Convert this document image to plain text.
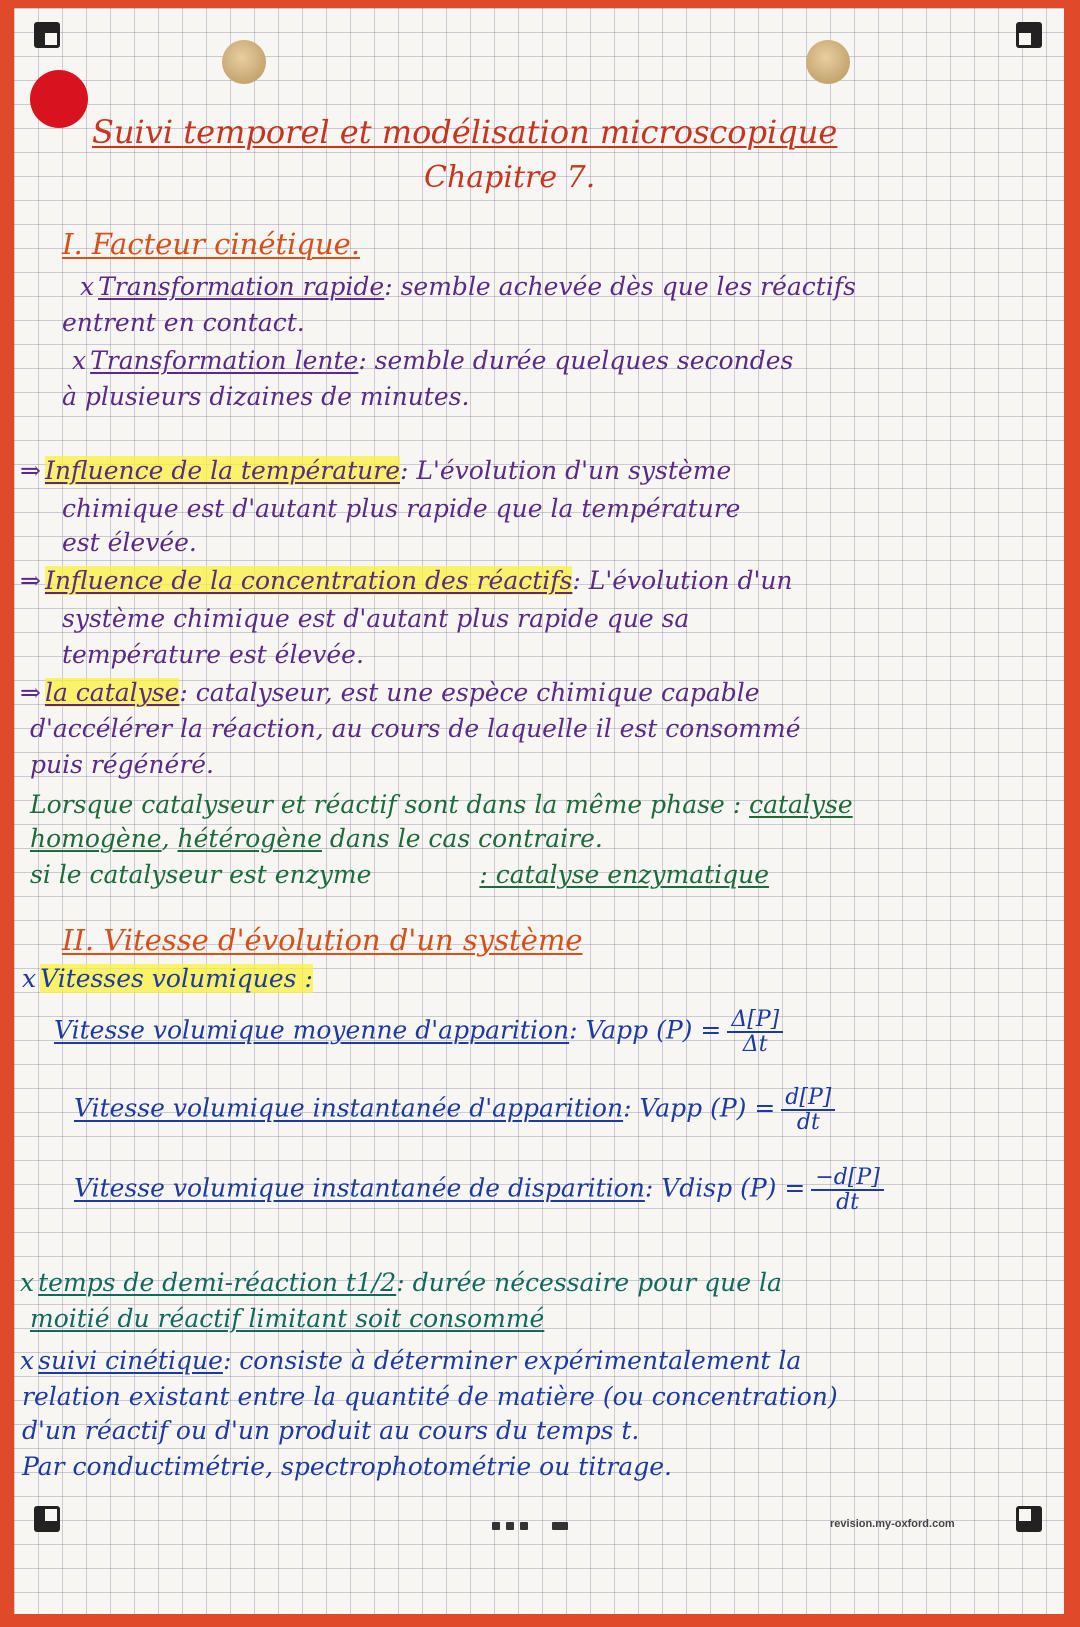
Suivi temporel et modélisation microscopique
Chapitre 7.
I. Facteur cinétique.
x Transformation rapide: semble achevée dès que les réactifs
entrent en contact.
x Transformation lente: semble durée quelques secondes
à plusieurs dizaines de minutes.
⇒ Influence de la température: L'évolution d'un système
chimique est d'autant plus rapide que la température
est élevée.
⇒ Influence de la concentration des réactifs: L'évolution d'un
système chimique est d'autant plus rapide que sa
température est élevée.
⇒ la catalyse: catalyseur, est une espèce chimique capable
d'accélérer la réaction, au cours de laquelle il est consommé
puis régénéré.
Lorsque catalyseur et réactif sont dans la même phase : catalyse
homogène, hétérogène dans le cas contraire.
si le catalyseur est enzyme	: catalyse enzymatique
II. Vitesse d'évolution d'un système
x Vitesses volumiques :
Vitesse volumique moyenne d'apparition: Vapp $(P) = \frac{\Delta[P]}{\Delta t}$
Vitesse volumique instantanée d'apparition: Vapp $(P) = \frac{d[P]}{dt}$
Vitesse volumique instantanée de disparition: Vdisp $(P) = \frac{-d[P]}{dt}$
x temps de demi-réaction t1/2: durée nécessaire pour que la
moitié du réactif limitant soit consommé
x suivi cinétique: consiste à déterminer expérimentalement la
relation existant entre la quantité de matière (ou concentration)
d'un réactif ou d'un produit au cours du temps t.
Par conductimétrie, spectrophotométrie ou titrage.
revision.my-oxford.com
